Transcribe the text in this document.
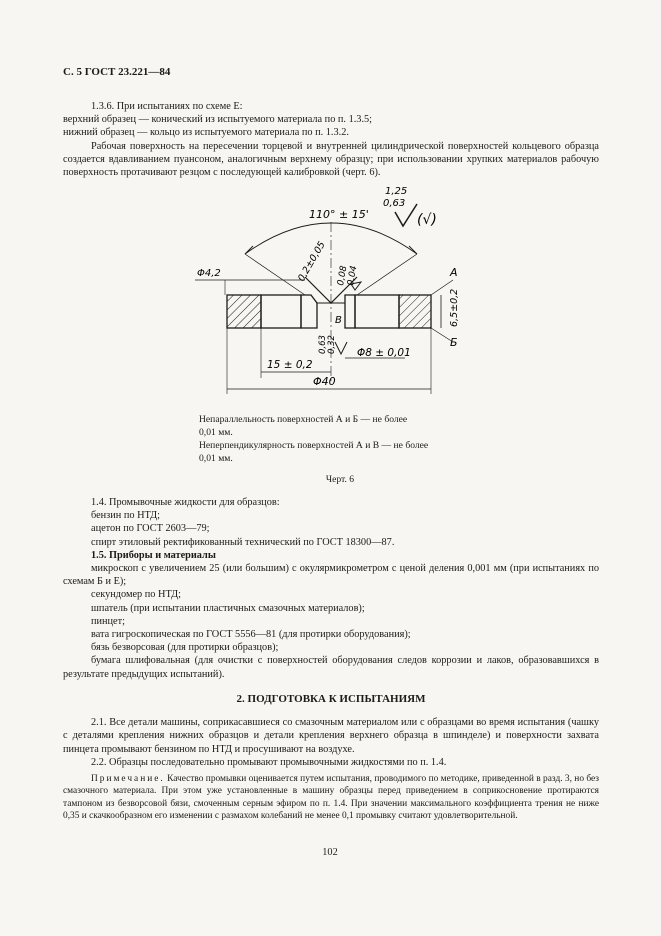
С. 5 ГОСТ 23.221—84

1.3.6. При испытаниях по схеме Е:

верхний образец — конический из испытуемого материала по п. 1.3.5;

нижний образец — кольцо из испытуемого материала по п. 1.3.2.

Рабочая поверхность на пересечении торцевой и внутренней цилиндрической поверхностей кольцевого образца создается вдавливанием пуансоном, аналогичным верхнему образцу; при использовании хрупких материалов рабочую поверхность протачивают резцом с последующей калибровкой (черт. 6).

110° ± 15'
1,25
0,63
(√)
0,2±0,05 0,08
0,04
Φ4,2	А
Б
В	6,5±0,2
0,63 0,32 Φ8 ± 0,01
15 ± 0,2
Φ40
Непараллельность поверхностей А и Б — не более
0,01 мм.
Неперпендикулярность поверхностей А и В — не более
0,01 мм.
Черт. 6

1.4. Промывочные жидкости для образцов:

бензин по НТД;

ацетон по ГОСТ 2603—79;

спирт этиловый ректификованный технический по ГОСТ 18300—87.

1.5. Приборы и материалы

микроскоп с увеличением 25 (или большим) с окулярмикрометром с ценой деления 0,001 мм (при испытаниях по схемам Б и Е);

секундомер по НТД;

шпатель (при испытании пластичных смазочных материалов);

пинцет;

вата гигроскопическая по ГОСТ 5556—81 (для протирки оборудования);

бязь безворсовая (для протирки образцов);

бумага шлифовальная (для очистки с поверхностей оборудования следов коррозии и лаков, образовавшихся в результате предыдущих испытаний).

2. ПОДГОТОВКА К ИСПЫТАНИЯМ

2.1. Все детали машины, соприкасавшиеся со смазочным материалом или с образцами во время испытания (чашку с деталями крепления нижних образцов и детали крепления верхнего образца в шпинделе) и поверхности захвата пинцета промывают бензином по НТД и просушивают на воздухе.

2.2. Образцы последовательно промывают промывочными жидкостями по п. 1.4.

Примечание. Качество промывки оценивается путем испытания, проводимого по методике, приведенной в разд. 3, но без смазочного материала. При этом уже установленные в машину образцы перед приведением в соприкосновение протираются тампоном из безворсовой бязи, смоченным серным эфиром по п. 1.4. При значении максимального коэффициента трения не ниже 0,35 и скачкообразном его изменении с размахом колебаний не менее 0,1 промывку считают удовлетворительной.

102
